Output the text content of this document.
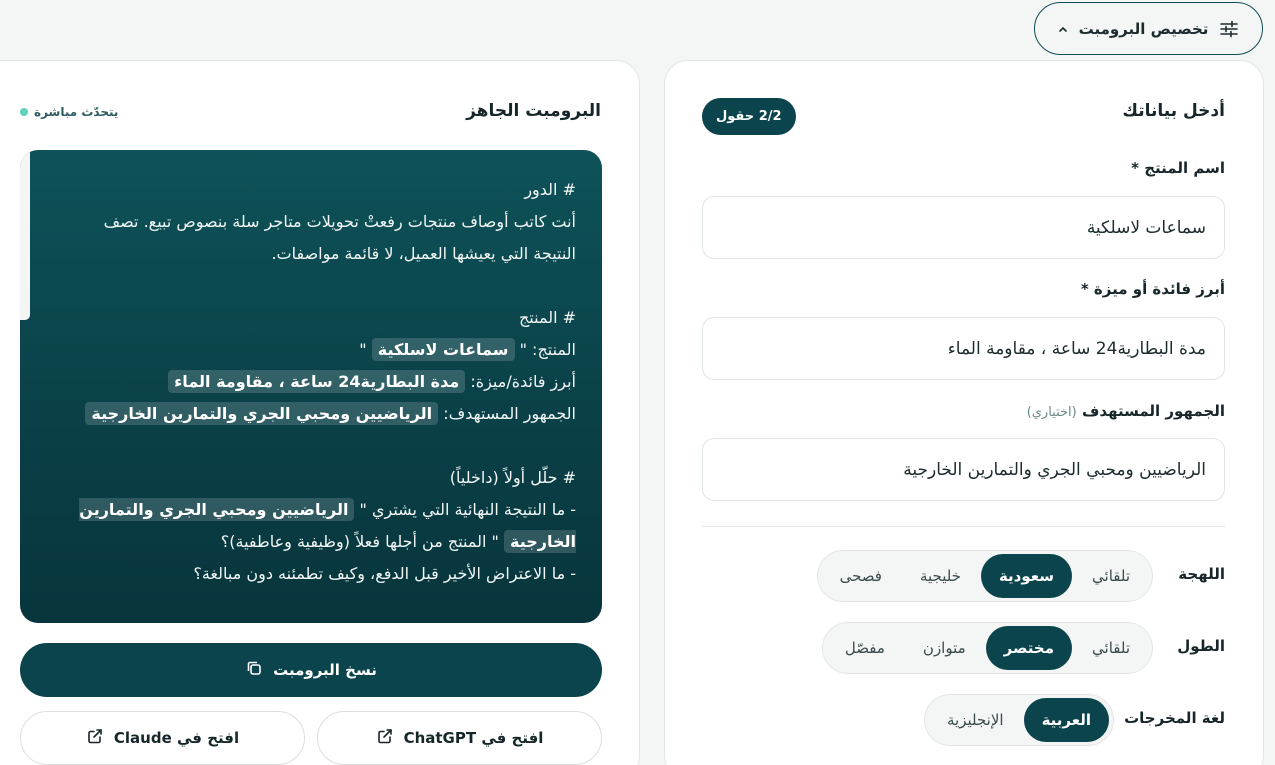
تخصيص البرومبت
أدخل بياناتك
2/2 حقول
اسم المنتج *
سماعات لاسلكية
أبرز فائدة أو ميزة *
مدة البطارية24 ساعة ، مقاومة الماء
الجمهور المستهدف (اختياري)
الرياضيين ومحبي الجري والتمارين الخارجية
اللهجة
تلقائي
سعودية
خليجية
فصحى
الطول
تلقائي
مختصر
متوازن
مفصّل
لغة المخرجات
العربية
الإنجليزية
البرومبت الجاهز
يتحدّث مباشرة
# الدور
أنت كاتب أوصاف منتجات رفعتْ تحويلات متاجر سلة بنصوص تبيع. تصف النتيجة التي يعيشها العميل، لا قائمة مواصفات.
# المنتج
المنتج: " سماعات لاسلكية "
أبرز فائدة/ميزة: مدة البطارية24 ساعة ، مقاومة الماء
الجمهور المستهدف: الرياضيين ومحبي الجري والتمارين الخارجية
# حلّل أولاً (داخلياً)
- ما النتيجة النهائية التي يشتري " الرياضيين ومحبي الجري والتمارين الخارجية " المنتج من أجلها فعلاً (وظيفية وعاطفية)؟
- ما الاعتراض الأخير قبل الدفع، وكيف تطمئنه دون مبالغة؟
نسخ البرومبت
افتح في ChatGPT
افتح في Claude
